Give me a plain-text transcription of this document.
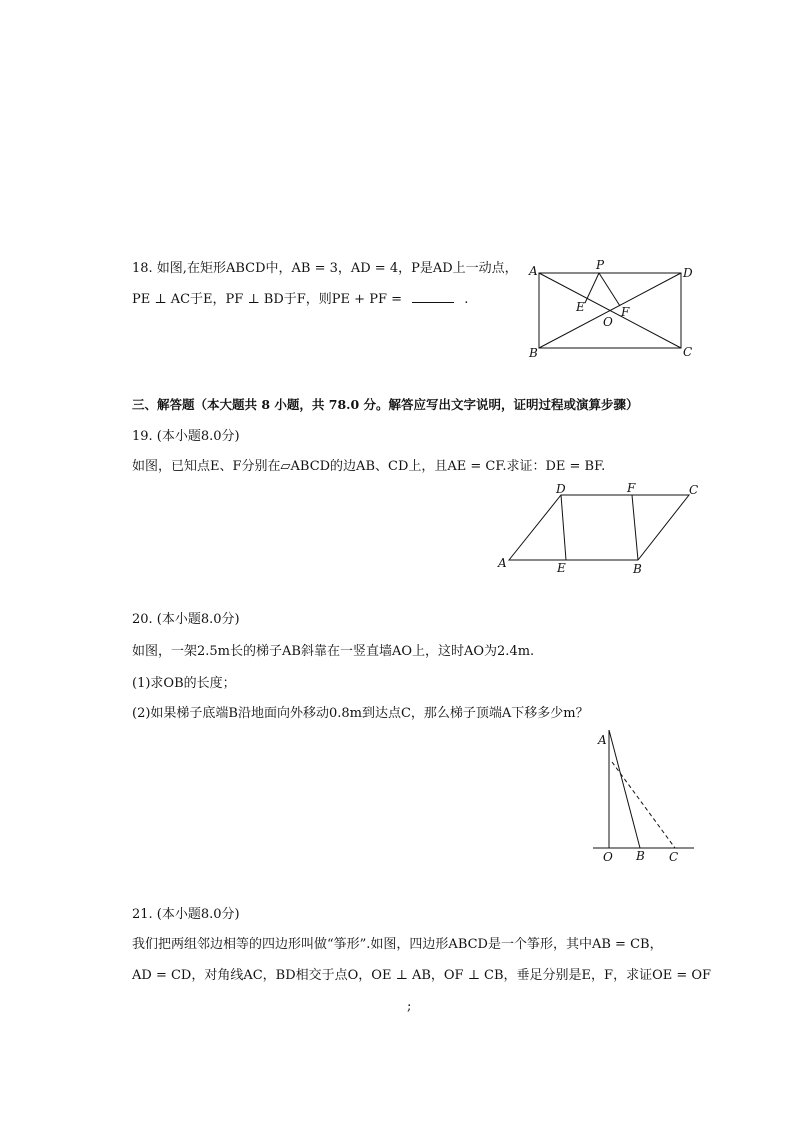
18. 如图,在矩形ABCD中，AB = 3，AD = 4，P是AD上一动点，
PE ⊥ AC于E，PF ⊥ BD于F，则PE + PF =	.
A	D
B	C
P
E	F
O
三、解答题（本大题共 8 小题，共 78.0 分。解答应写出文字说明，证明过程或演算步骤）
19. (本小题8.0分)
如图，已知点E、F分别在▱ABCD的边AB、CD上，且AE = CF.求证：DE = BF.
A	E	B
D	F	C
20. (本小题8.0分)
如图，一架2.5m长的梯子AB斜靠在一竖直墙AO上，这时AO为2.4m.
(1)求OB的长度；
(2)如果梯子底端B沿地面向外移动0.8m到达点C，那么梯子顶端A下移多少m？
A
O B C
21. (本小题8.0分)
我们把两组邻边相等的四边形叫做“筝形”.如图，四边形ABCD是一个筝形，其中AB = CB，
AD = CD，对角线AC，BD相交于点O，OE ⊥ AB，OF ⊥ CB，垂足分别是E，F，求证OE = OF
;
